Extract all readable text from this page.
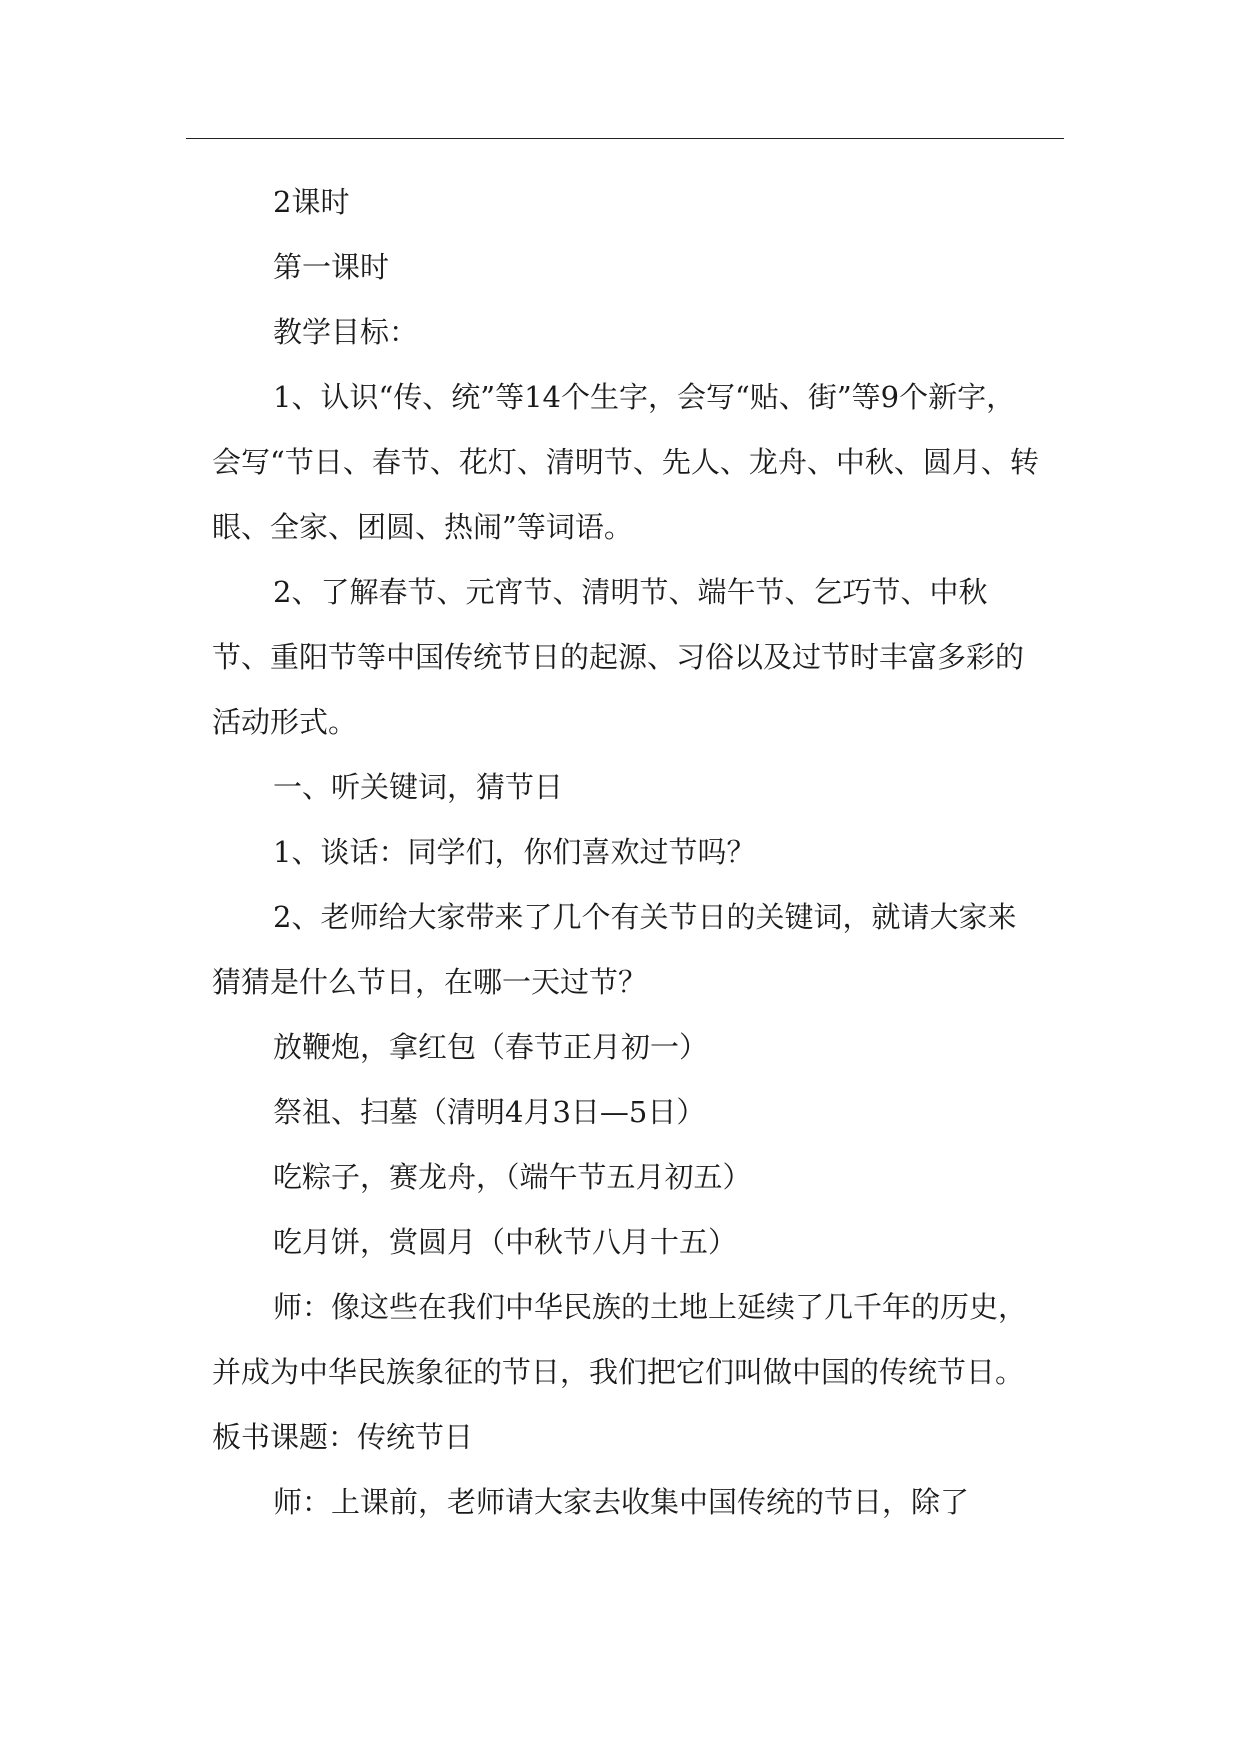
2课时

第一课时

教学目标：

1、认识“传、统”等14个生字，会写“贴、街”等9个新字，会写“节日、春节、花灯、清明节、先人、龙舟、中秋、圆月、转眼、全家、团圆、热闹”等词语。

2、了解春节、元宵节、清明节、端午节、乞巧节、中秋节、重阳节等中国传统节日的起源、习俗以及过节时丰富多彩的活动形式。

一、听关键词，猜节日

1、谈话：同学们，你们喜欢过节吗？

2、老师给大家带来了几个有关节日的关键词，就请大家来猜猜是什么节日，在哪一天过节？

放鞭炮，拿红包（春节正月初一）

祭祖、扫墓（清明4月3日—5日）

吃粽子，赛龙舟，（端午节五月初五）

吃月饼，赏圆月（中秋节八月十五）

师：像这些在我们中华民族的土地上延续了几千年的历史，并成为中华民族象征的节日，我们把它们叫做中国的传统节日。板书课题：传统节日

师：上课前，老师请大家去收集中国传统的节日，除了
